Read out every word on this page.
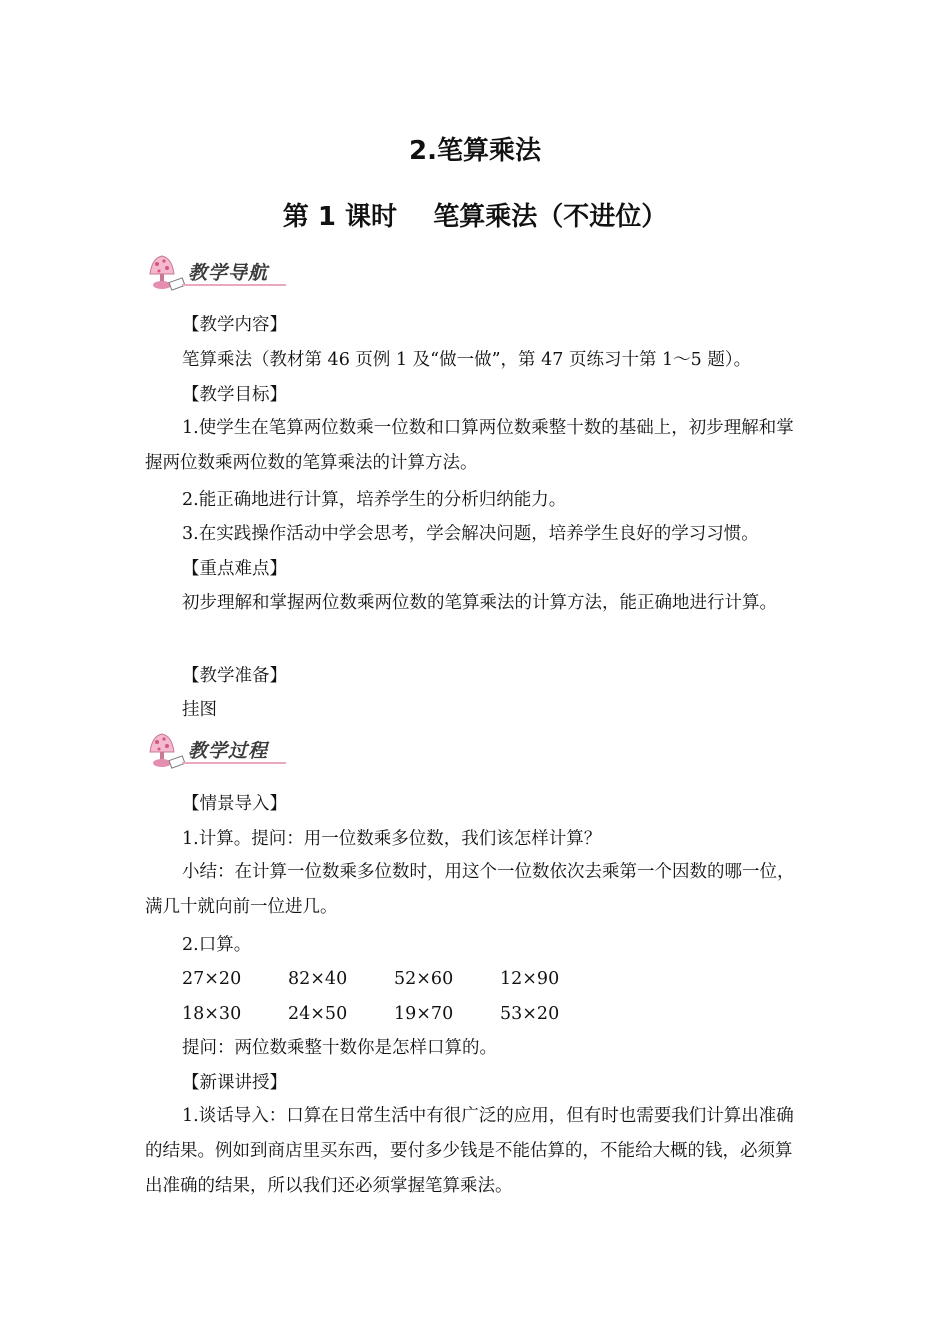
2.笔算乘法
第 1 课时    笔算乘法（不进位）
教学导航
【教学内容】
笔算乘法（教材第 46 页例 1 及“做一做”，第 47 页练习十第 1～5 题）。
【教学目标】
1.使学生在笔算两位数乘一位数和口算两位数乘整十数的基础上，初步理解和掌握两位数乘两位数的笔算乘法的计算方法。
2.能正确地进行计算，培养学生的分析归纳能力。
3.在实践操作活动中学会思考，学会解决问题，培养学生良好的学习习惯。
【重点难点】
初步理解和掌握两位数乘两位数的笔算乘法的计算方法，能正确地进行计算。
【教学准备】
挂图
教学过程
【情景导入】
1.计算。提问：用一位数乘多位数，我们该怎样计算？
小结：在计算一位数乘多位数时，用这个一位数依次去乘第一个因数的哪一位，满几十就向前一位进几。
2.口算。
27×20	82×40	52×60	12×90
18×30	24×50	19×70	53×20
提问：两位数乘整十数你是怎样口算的。
【新课讲授】
1.谈话导入：口算在日常生活中有很广泛的应用，但有时也需要我们计算出准确的结果。例如到商店里买东西，要付多少钱是不能估算的，不能给大概的钱，必须算出准确的结果，所以我们还必须掌握笔算乘法。
